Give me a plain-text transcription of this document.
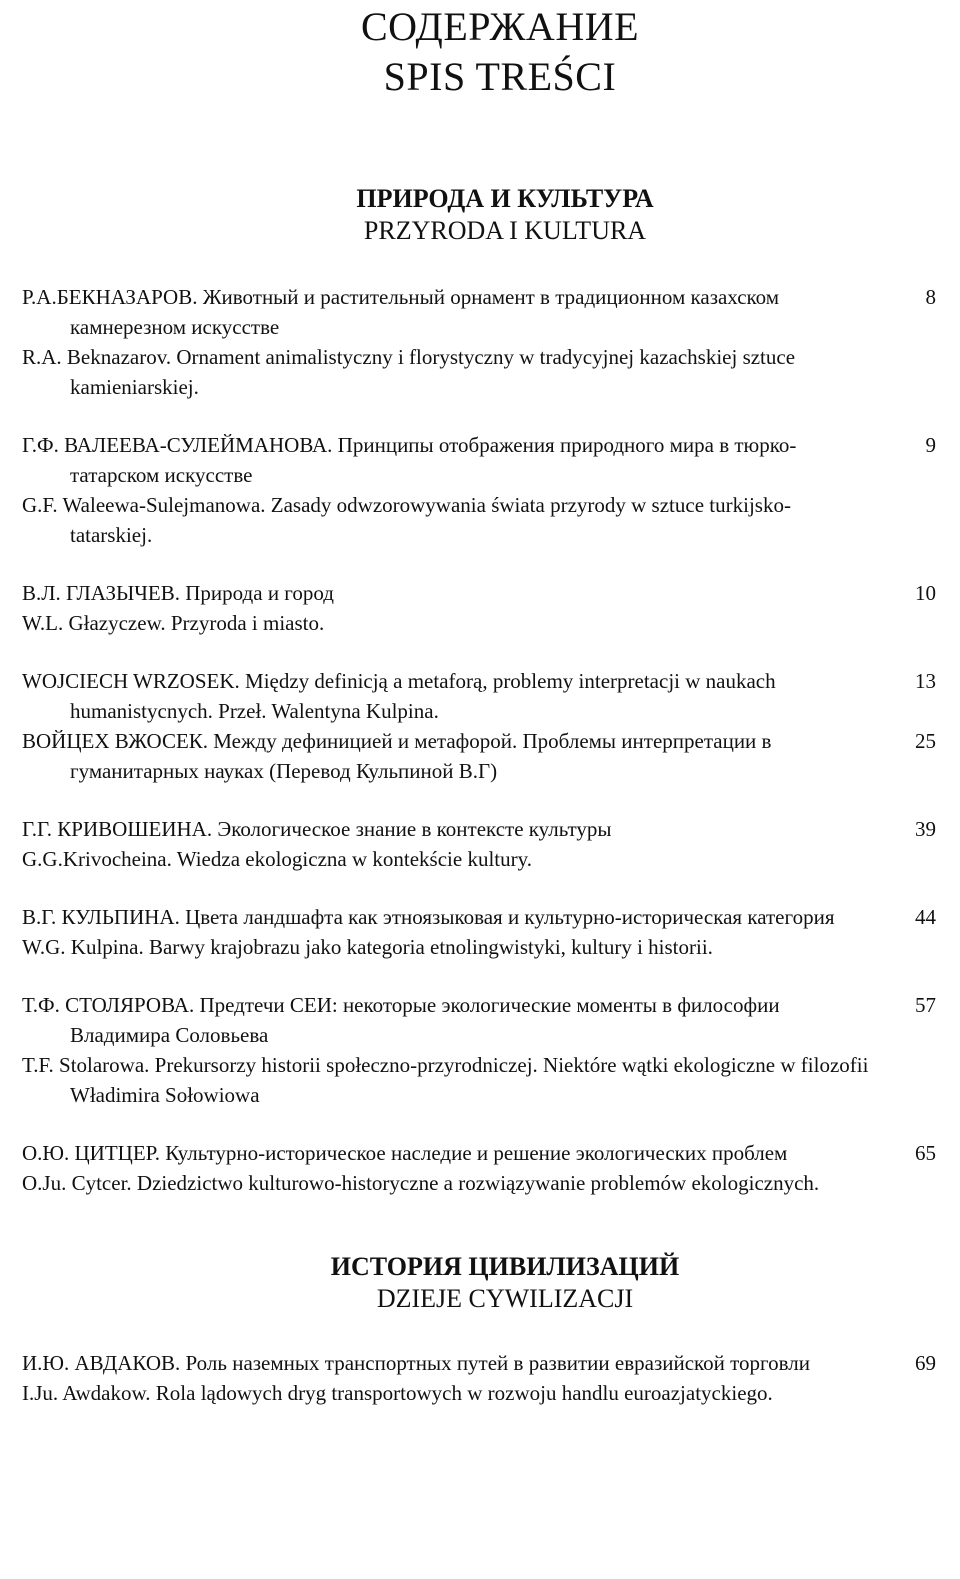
СОДЕРЖАНИЕ
SPIS TREŚCI
ПРИРОДА И КУЛЬТУРА
PRZYRODA I KULTURA
Р.А.БЕКНАЗАРОВ. Животный и растительный орнамент в традиционном казахском камнерезном искусстве
R.A. Beknazarov. Ornament animalistyczny i florystyczny w tradycyjnej kazachskiej sztuce kamieniarskiej.
8
Г.Ф. ВАЛЕЕВА-СУЛЕЙМАНОВА. Принципы отображения природного мира в тюрко-татарском искусстве
G.F. Waleewa-Sulejmanowa. Zasady odwzorowywania świata przyrody w sztuce turkijsko-tatarskiej.
9
В.Л. ГЛАЗЫЧЕВ. Природа и город
W.L. Głazyczew. Przyroda i miasto.
10
WOJCIECH WRZOSEK. Między definicją a metaforą, problemy interpretacji w naukach humanistycnych. Przeł. Walentyna Kulpina.
ВОЙЦЕХ ВЖОСЕК. Между дефиницией и метафорой. Проблемы интерпретации в гуманитарных науках (Перевод Кульпиной В.Г)
13
25
Г.Г. КРИВОШЕИНА. Экологическое знание в контексте культуры
G.G.Krivocheina. Wiedza ekologiczna w kontekście kultury.
39
В.Г. КУЛЬПИНА. Цвета ландшафта как этноязыковая и культурно-историческая категория
W.G. Kulpina. Barwy krajobrazu jako kategoria etnolingwistyki, kultury i historii.
44
Т.Ф. СТОЛЯРОВА. Предтечи СЕИ: некоторые экологические моменты в философии Владимира Соловьева
T.F. Stolarowa. Prekursorzy historii społeczno-przyrodniczej. Niektóre wątki ekologiczne w filozofii Władimira Sołowiowa
57
О.Ю. ЦИТЦЕР. Культурно-историческое наследие и решение экологических проблем
O.Ju. Cytcer. Dziedzictwo kulturowo-historyczne a rozwiązywanie problemów ekologicznych.
65
ИСТОРИЯ ЦИВИЛИЗАЦИЙ
DZIEJE CYWILIZACJI
И.Ю. АВДАКОВ. Роль наземных транспортных путей в развитии евразийской торговли
I.Ju. Awdakow. Rola lądowych dryg transportowych w rozwoju handlu euroazjatyckiego.
69
